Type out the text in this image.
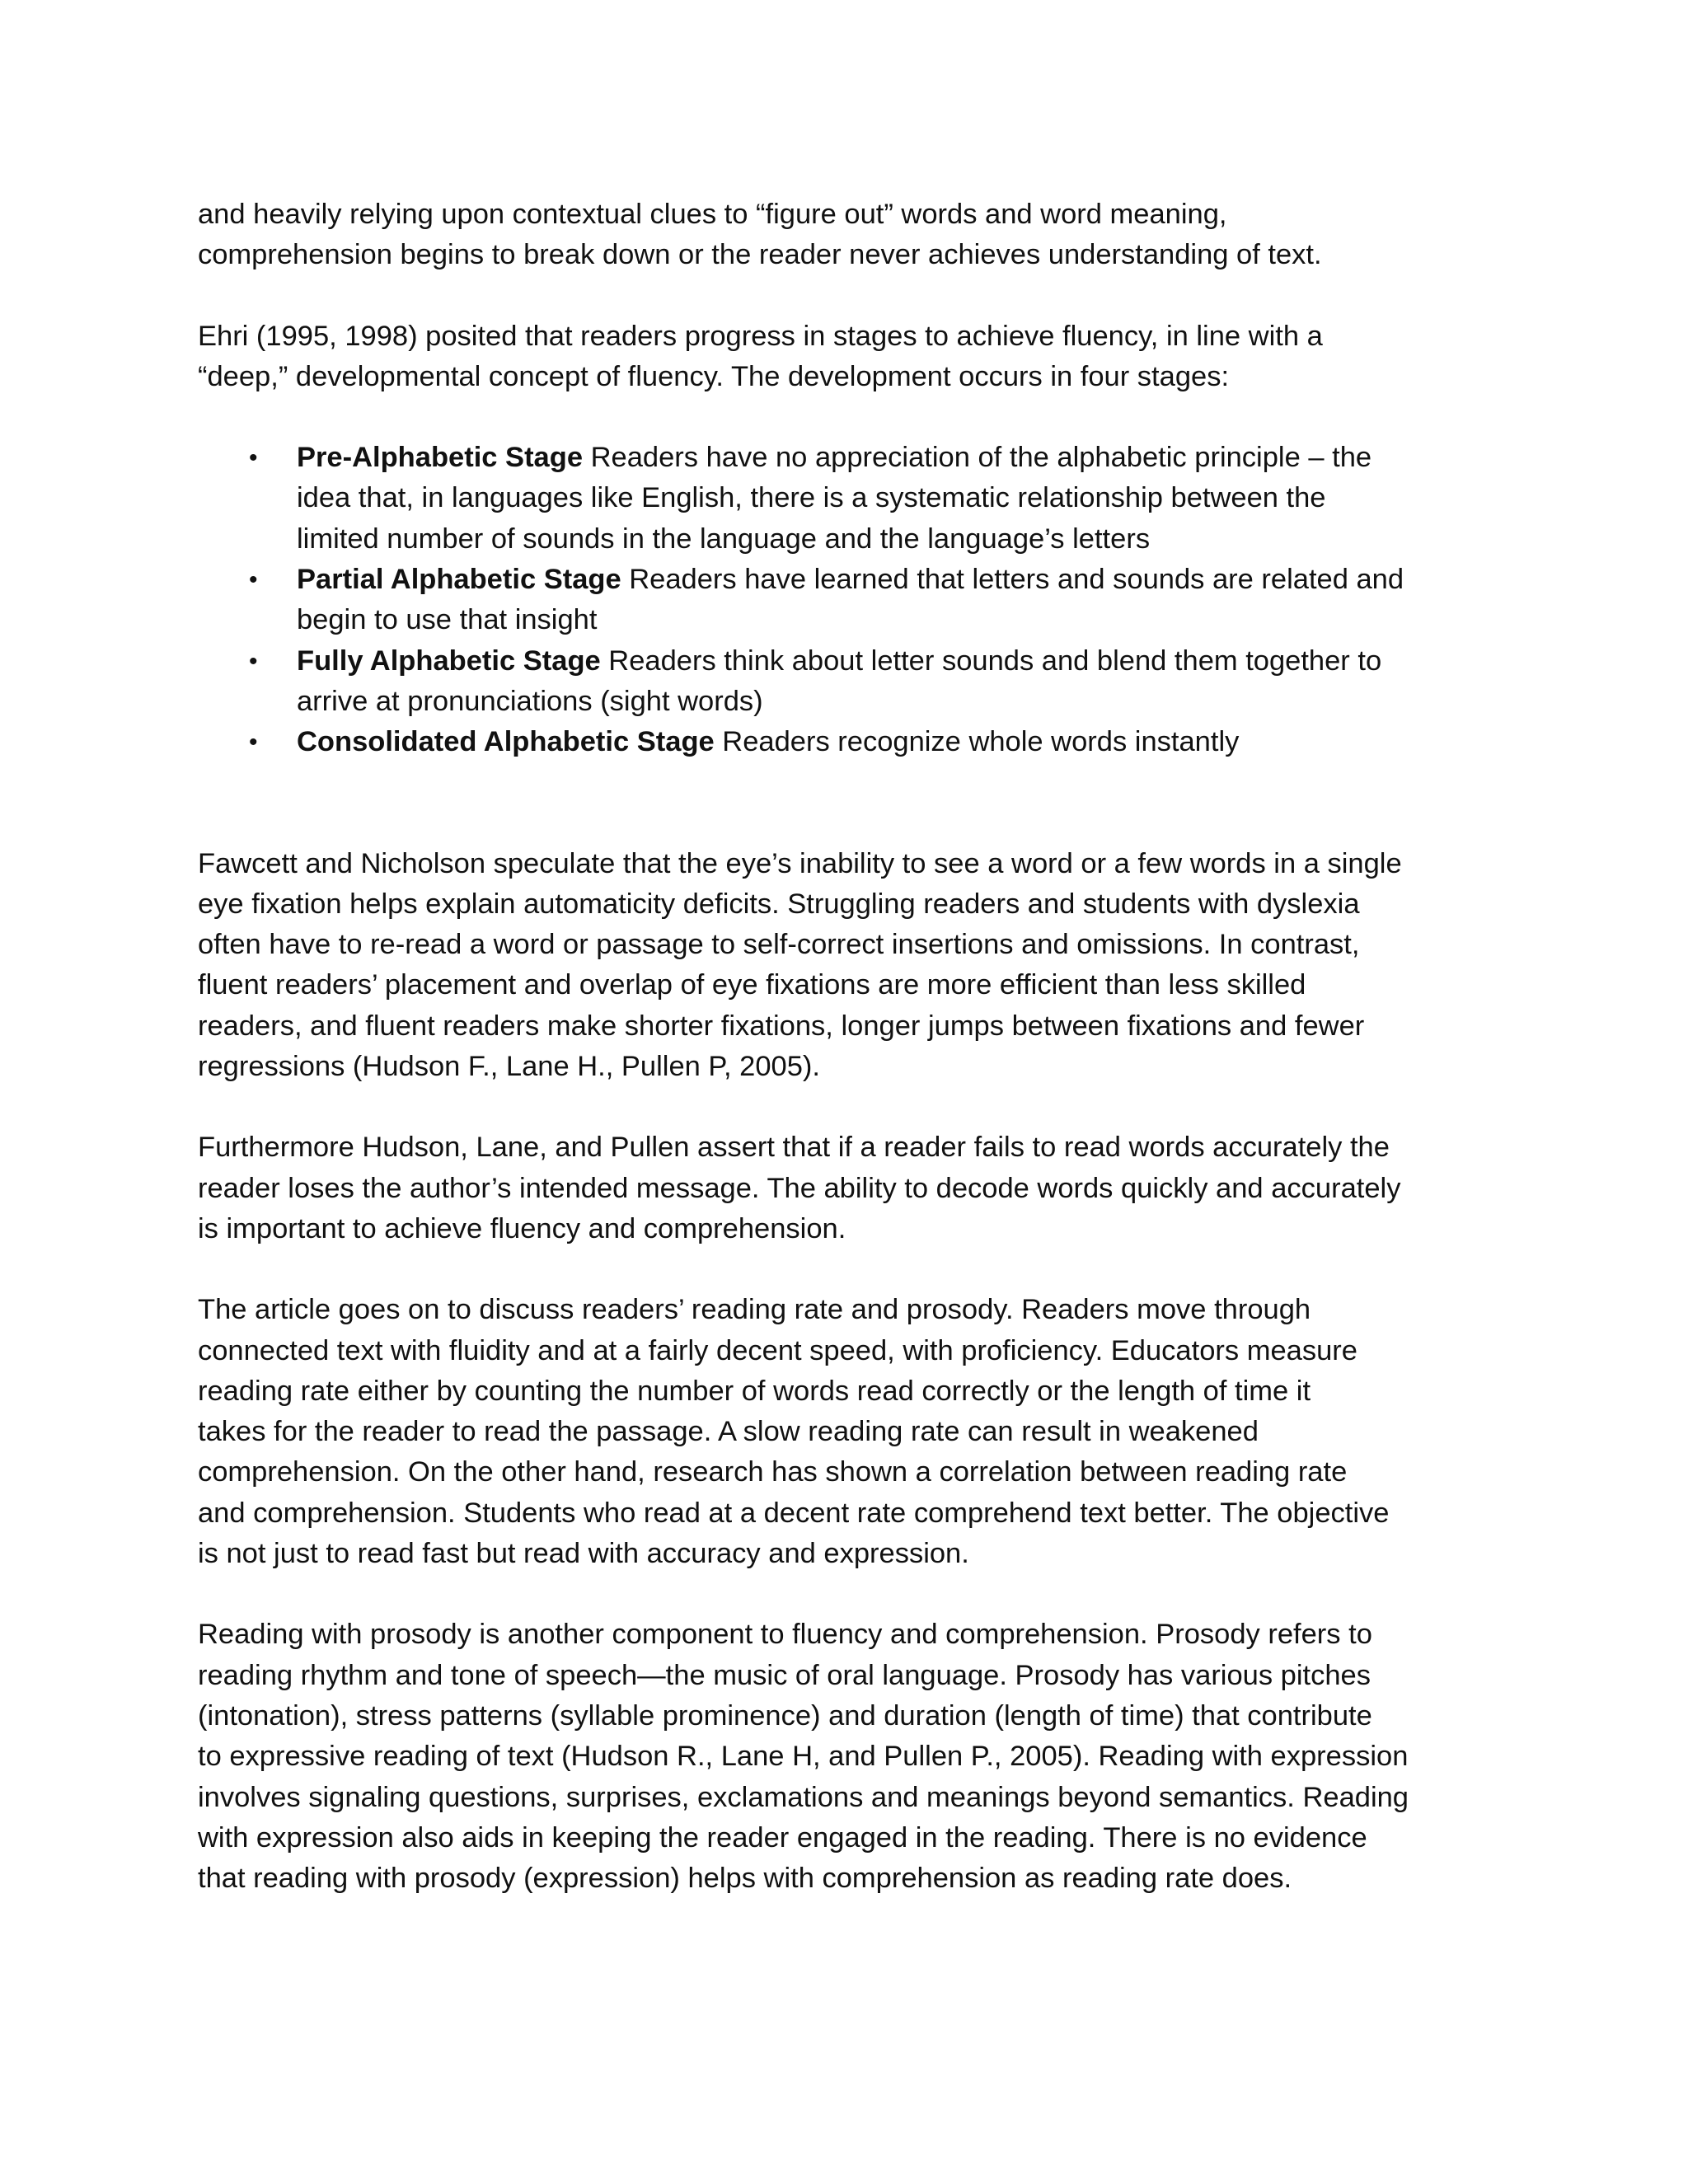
and heavily relying upon contextual clues to “figure out” words and word meaning,
comprehension begins to break down or the reader never achieves understanding of text.

Ehri (1995, 1998) posited that readers progress in stages to achieve fluency, in line with a
“deep,” developmental concept of fluency. The development occurs in four stages:

• Pre-Alphabetic Stage Readers have no appreciation of the alphabetic principle – the
idea that, in languages like English, there is a systematic relationship between the
limited number of sounds in the language and the language’s letters
• Partial Alphabetic Stage Readers have learned that letters and sounds are related and
begin to use that insight
• Fully Alphabetic Stage Readers think about letter sounds and blend them together to
arrive at pronunciations (sight words)
• Consolidated Alphabetic Stage Readers recognize whole words instantly

Fawcett and Nicholson speculate that the eye’s inability to see a word or a few words in a single
eye fixation helps explain automaticity deficits. Struggling readers and students with dyslexia
often have to re-read a word or passage to self-correct insertions and omissions. In contrast,
fluent readers’ placement and overlap of eye fixations are more efficient than less skilled
readers, and fluent readers make shorter fixations, longer jumps between fixations and fewer
regressions (Hudson F., Lane H., Pullen P, 2005).

Furthermore Hudson, Lane, and Pullen assert that if a reader fails to read words accurately the
reader loses the author’s intended message. The ability to decode words quickly and accurately
is important to achieve fluency and comprehension.

The article goes on to discuss readers’ reading rate and prosody. Readers move through
connected text with fluidity and at a fairly decent speed, with proficiency. Educators measure
reading rate either by counting the number of words read correctly or the length of time it
takes for the reader to read the passage. A slow reading rate can result in weakened
comprehension. On the other hand, research has shown a correlation between reading rate
and comprehension. Students who read at a decent rate comprehend text better. The objective
is not just to read fast but read with accuracy and expression.

Reading with prosody is another component to fluency and comprehension. Prosody refers to
reading rhythm and tone of speech—the music of oral language. Prosody has various pitches
(intonation), stress patterns (syllable prominence) and duration (length of time) that contribute
to expressive reading of text (Hudson R., Lane H, and Pullen P., 2005). Reading with expression
involves signaling questions, surprises, exclamations and meanings beyond semantics. Reading
with expression also aids in keeping the reader engaged in the reading. There is no evidence
that reading with prosody (expression) helps with comprehension as reading rate does.
